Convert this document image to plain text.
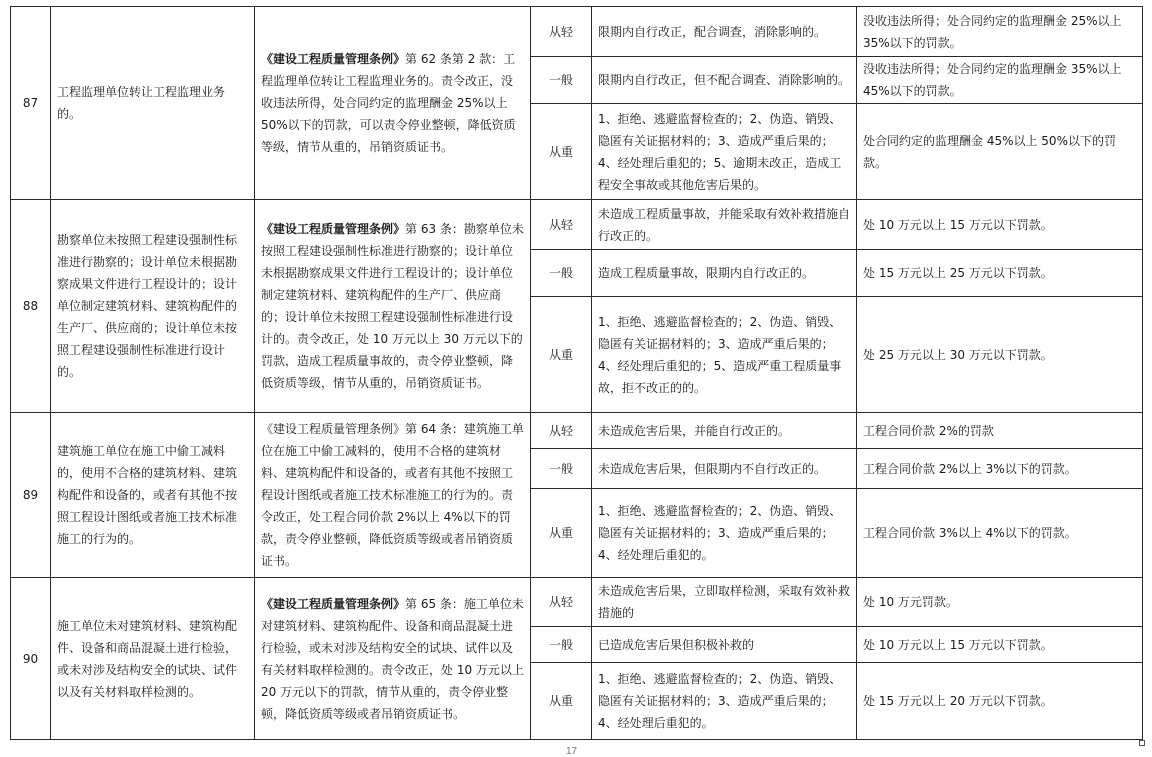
87	工程监理单位转让工程监理业务的。	《建设工程质量管理条例》第 62 条第 2 款：工程监理单位转让工程监理业务的。责令改正，没收违法所得，处合同约定的监理酬金 25%以上 50%以下的罚款，可以责令停业整顿，降低资质等级，情节从重的，吊销资质证书。	从轻	限期内自行改正，配合调查，消除影响的。	没收违法所得；处合同约定的监理酬金 25%以上 35%以下的罚款。
			一般	限期内自行改正，但不配合调查、消除影响的。	没收违法所得；处合同约定的监理酬金 35%以上 45%以下的罚款。
			从重	1、拒绝、逃避监督检查的；2、伪造、销毁、隐匿有关证据材料的；3、造成严重后果的；4、经处理后重犯的；5、逾期未改正，造成工程安全事故或其他危害后果的。	处合同约定的监理酬金 45%以上 50%以下的罚款。
88	勘察单位未按照工程建设强制性标准进行勘察的；设计单位未根据勘察成果文件进行工程设计的；设计单位制定建筑材料、建筑构配件的生产厂、供应商的；设计单位未按照工程建设强制性标准进行设计的。	《建设工程质量管理条例》第 63 条：勘察单位未按照工程建设强制性标准进行勘察的；设计单位未根据勘察成果文件进行工程设计的；设计单位制定建筑材料、建筑构配件的生产厂、供应商的；设计单位未按照工程建设强制性标准进行设计的。责令改正，处 10 万元以上 30 万元以下的罚款，造成工程质量事故的，责令停业整顿，降低资质等级，情节从重的，吊销资质证书。	从轻	未造成工程质量事故，并能采取有效补救措施自行改正的。	处 10 万元以上 15 万元以下罚款。
			一般	造成工程质量事故，限期内自行改正的。	处 15 万元以上 25 万元以下罚款。
			从重	1、拒绝、逃避监督检查的；2、伪造、销毁、隐匿有关证据材料的；3、造成严重后果的；4、经处理后重犯的；5、造成严重工程质量事故，拒不改正的的。	处 25 万元以上 30 万元以下罚款。
89	建筑施工单位在施工中偷工减料的，使用不合格的建筑材料、建筑构配件和设备的，或者有其他不按照工程设计图纸或者施工技术标准施工的行为的。	《建设工程质量管理条例》第 64 条：建筑施工单位在施工中偷工减料的，使用不合格的建筑材料、建筑构配件和设备的，或者有其他不按照工程设计图纸或者施工技术标准施工的行为的。责令改正，处工程合同价款 2%以上 4%以下的罚款，责令停业整顿，降低资质等级或者吊销资质证书。	从轻	未造成危害后果，并能自行改正的。	工程合同价款 2%的罚款
			一般	未造成危害后果，但限期内不自行改正的。	工程合同价款 2%以上 3%以下的罚款。
			从重	1、拒绝、逃避监督检查的；2、伪造、销毁、隐匿有关证据材料的；3、造成严重后果的；4、经处理后重犯的。	工程合同价款 3%以上 4%以下的罚款。
90	施工单位未对建筑材料、建筑构配件、设备和商品混凝土进行检验，或未对涉及结构安全的试块、试件以及有关材料取样检测的。	《建设工程质量管理条例》第 65 条：施工单位未对建筑材料、建筑构配件、设备和商品混凝土进行检验，或未对涉及结构安全的试块、试件以及有关材料取样检测的。责令改正，处 10 万元以上 20 万元以下的罚款，情节从重的，责令停业整顿，降低资质等级或者吊销资质证书。	从轻	未造成危害后果，立即取样检测，采取有效补救措施的	处 10 万元罚款。
			一般	已造成危害后果但积极补救的	处 10 万元以上 15 万元以下罚款。
			从重	1、拒绝、逃避监督检查的；2、伪造、销毁、隐匿有关证据材料的；3、造成严重后果的；4、经处理后重犯的。	处 15 万元以上 20 万元以下罚款。
17
